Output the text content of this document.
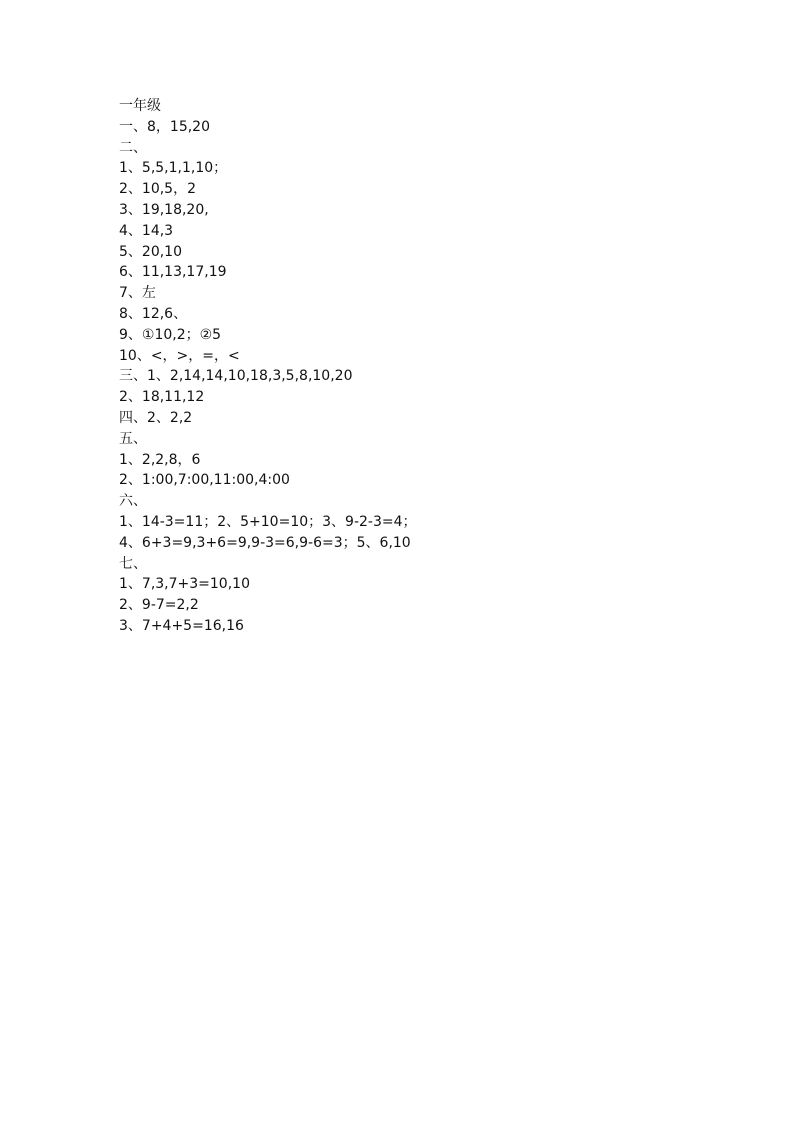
一年级

一、8，15,20

二、

1、5,5,1,1,10；

2、10,5，2

3、19,18,20,

4、14,3

5、20,10

6、11,13,17,19

7、左

8、12,6、

9、①10,2；②5

10、<，>，=，<

三、1、2,14,14,10,18,3,5,8,10,20

2、18,11,12

四、2、2,2

五、

1、2,2,8，6

2、1:00,7:00,11:00,4:00

六、

1、14-3=11；2、5+10=10；3、9-2-3=4；

4、6+3=9,3+6=9,9-3=6,9-6=3；5、6,10

七、

1、7,3,7+3=10,10

2、9-7=2,2

3、7+4+5=16,16
